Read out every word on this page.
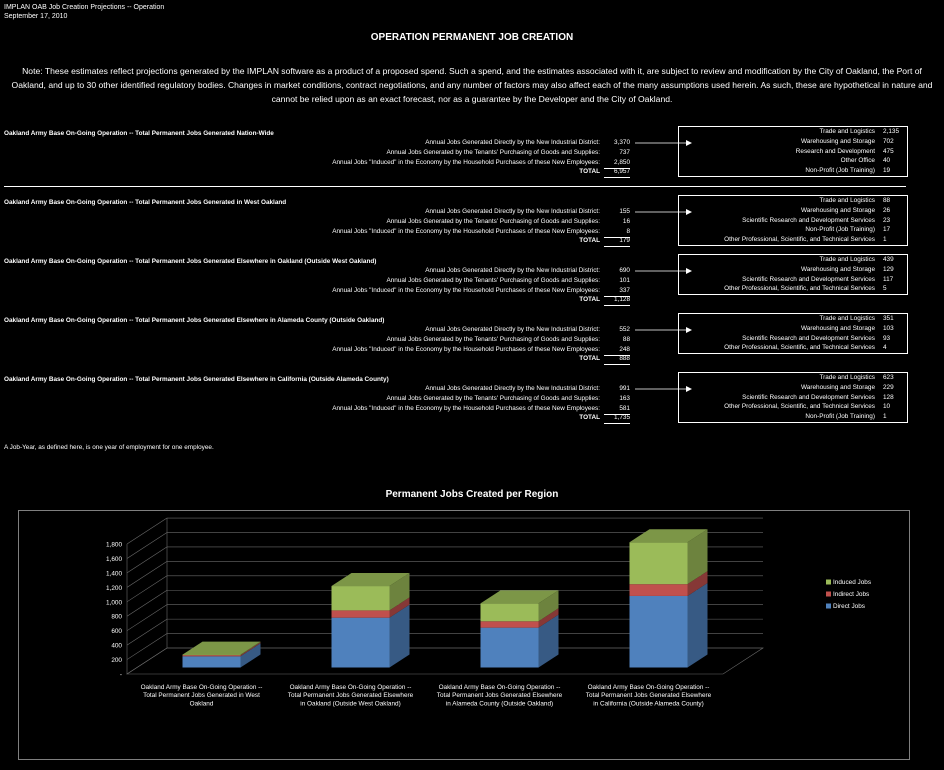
IMPLAN OAB Job Creation Projections -- Operation
September 17, 2010
OPERATION PERMANENT JOB CREATION
Note: These estimates reflect projections generated by the IMPLAN software as a product of a proposed spend. Such a spend, and the estimates associated with it, are subject to review and modification by the City of Oakland, the Port of Oakland, and up to 30 other identified regulatory bodies. Changes in market conditions, contract negotiations, and any number of factors may also affect each of the many assumptions used herein. As such, these are hypothetical in nature and cannot be relied upon as an exact forecast, nor as a guarantee by the Developer and the City of Oakland.
Oakland Army Base On-Going Operation -- Total Permanent Jobs Generated Nation-Wide
Annual Jobs Generated Directly by the New Industrial District:	3,370
Annual Jobs Generated by the Tenants' Purchasing of Goods and Supplies:	737
Annual Jobs "Induced" in the Economy by the Household Purchases of these New Employees:	2,850
TOTAL	6,957
Trade and Logistics 2,135
Warehousing and Storage 702
Research and Development 475
Other Office 40
Non-Profit (Job Training) 19
Oakland Army Base On-Going Operation -- Total Permanent Jobs Generated in West Oakland
Annual Jobs Generated Directly by the New Industrial District:	155
Annual Jobs Generated by the Tenants' Purchasing of Goods and Supplies:	16
Annual Jobs "Induced" in the Economy by the Household Purchases of these New Employees:	8
TOTAL	179
Trade and Logistics 88
Warehousing and Storage 26
Scientific Research and Development Services 23
Non-Profit (Job Training) 17
Other Professional, Scientific, and Technical Services 1
Oakland Army Base On-Going Operation -- Total Permanent Jobs Generated Elsewhere in Oakland (Outside West Oakland)
Annual Jobs Generated Directly by the New Industrial District:	690
Annual Jobs Generated by the Tenants' Purchasing of Goods and Supplies:	101
Annual Jobs "Induced" in the Economy by the Household Purchases of these New Employees:	337
TOTAL	1,128
Trade and Logistics 439
Warehousing and Storage 129
Scientific Research and Development Services 117
Other Professional, Scientific, and Technical Services 5
Oakland Army Base On-Going Operation -- Total Permanent Jobs Generated Elsewhere in Alameda County (Outside Oakland)
Annual Jobs Generated Directly by the New Industrial District:	552
Annual Jobs Generated by the Tenants' Purchasing of Goods and Supplies:	88
Annual Jobs "Induced" in the Economy by the Household Purchases of these New Employees:	248
TOTAL	888
Trade and Logistics 351
Warehousing and Storage 103
Scientific Research and Development Services 93
Other Professional, Scientific, and Technical Services 4
Oakland Army Base On-Going Operation -- Total Permanent Jobs Generated Elsewhere in California (Outside Alameda County)
Annual Jobs Generated Directly by the New Industrial District:	991
Annual Jobs Generated by the Tenants' Purchasing of Goods and Supplies:	163
Annual Jobs "Induced" in the Economy by the Household Purchases of these New Employees:	581
TOTAL	1,735
Trade and Logistics 623
Warehousing and Storage 229
Scientific Research and Development Services 128
Other Professional, Scientific, and Technical Services 10
Non-Profit (Job Training) 1
A Job-Year, as defined here, is one year of employment for one employee.
Permanent Jobs Created per Region
-
200
400
600
800
1,000
1,200
1,400
1,600
1,800
Oakland Army Base On-Going Operation --Total Permanent Jobs Generated in West Oakland
Oakland Army Base On-Going Operation --Total Permanent Jobs Generated Elsewhere in Oakland (Outside West Oakland)
Oakland Army Base On-Going Operation --Total Permanent Jobs Generated Elsewhere in Alameda County (Outside Oakland)
Oakland Army Base On-Going Operation --Total Permanent Jobs Generated Elsewhere in California (Outside Alameda County)
Induced Jobs
Indirect Jobs
Direct Jobs
